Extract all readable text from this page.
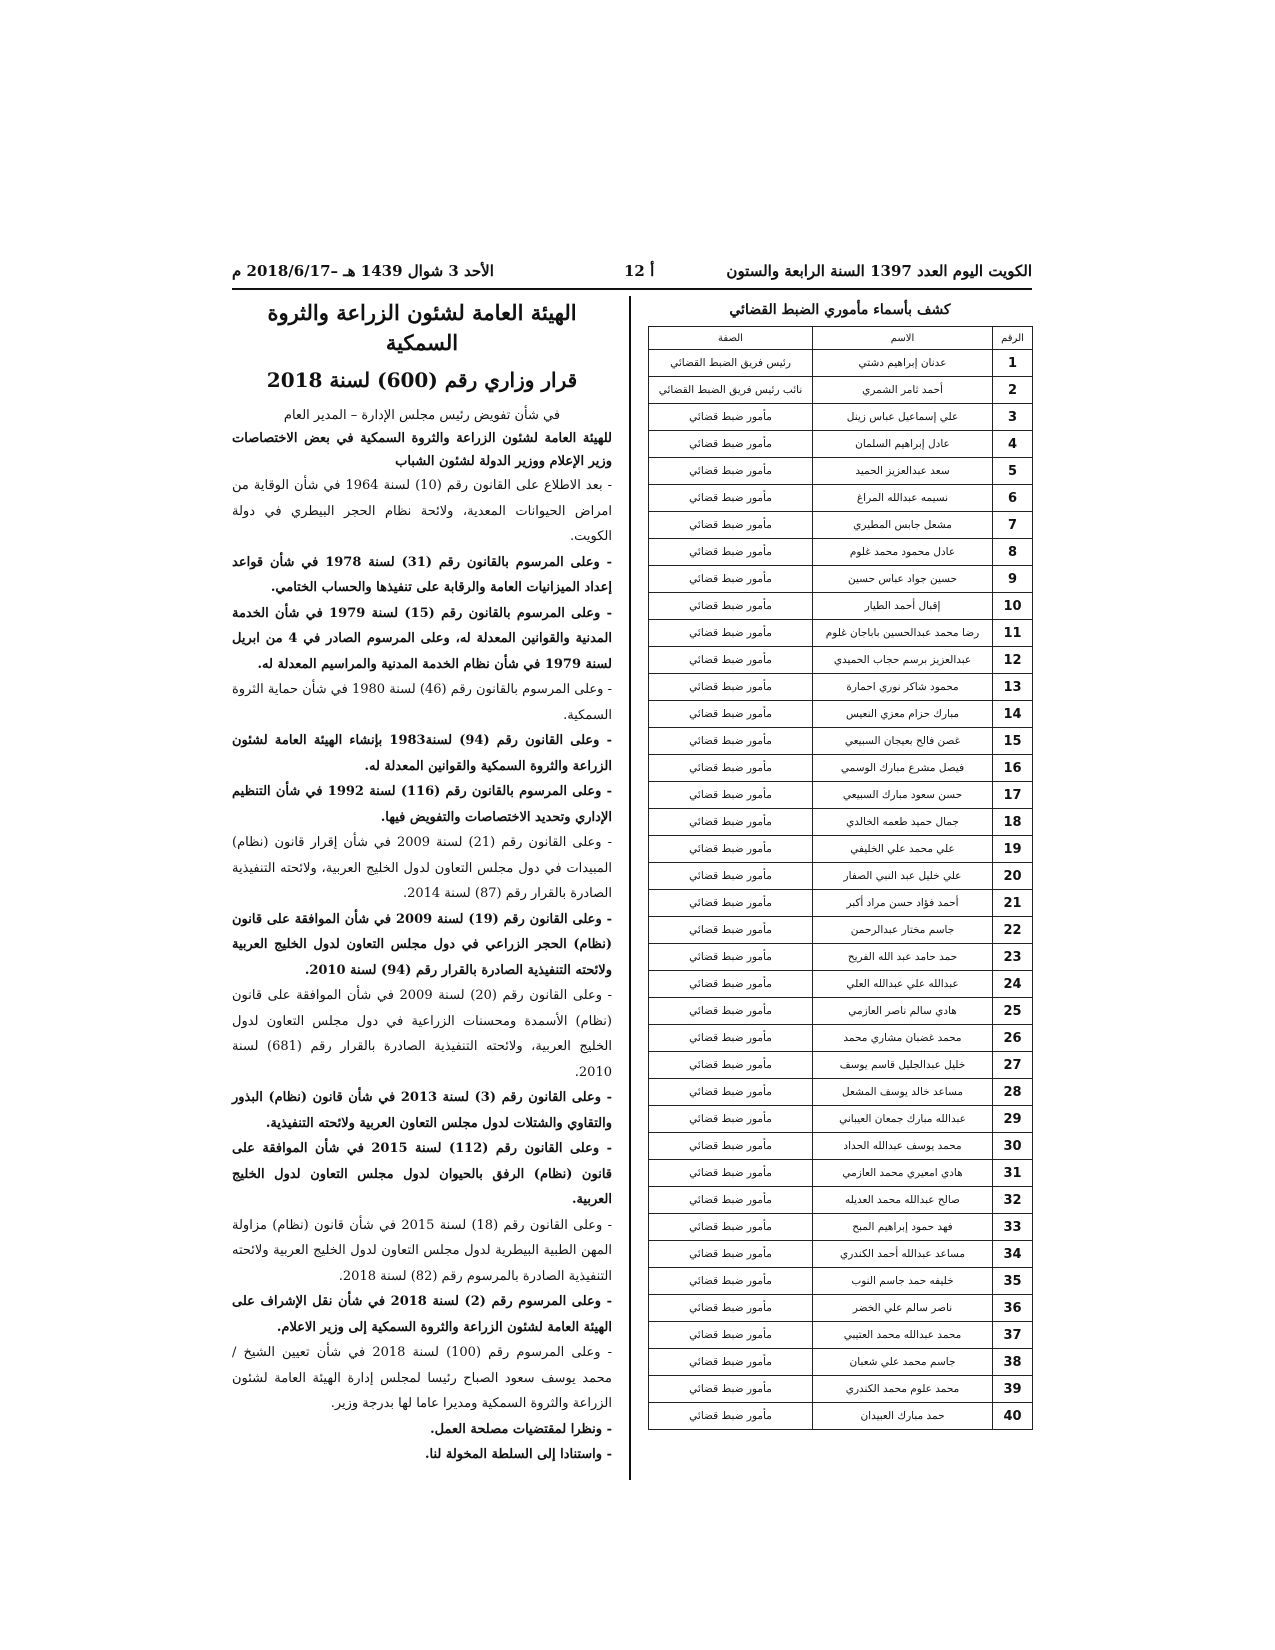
الكويت اليوم العدد 1397 السنة الرابعة والستون
أ 12
الأحد 3 شوال 1439 هـ –2018/6/17 م
كشف بأسماء مأموري الضبط القضائي
الرقم	الاسم	الصفة
1	عدنان إبراهيم دشتي	رئيس فريق الضبط القضائي
2	أحمد ثامر الشمري	نائب رئيس فريق الضبط القضائي
3	علي إسماعيل عباس زينل	مأمور ضبط قضائي
4	عادل إبراهيم السلمان	مأمور ضبط قضائي
5	سعد عبدالعزيز الحميد	مأمور ضبط قضائي
6	نسيمه عبدالله المراغ	مأمور ضبط قضائي
7	مشعل جابس المطيري	مأمور ضبط قضائي
8	عادل محمود محمد غلوم	مأمور ضبط قضائي
9	حسين جواد عباس حسين	مأمور ضبط قضائي
10	إقبال أحمد الطيار	مأمور ضبط قضائي
11	رضا محمد عبدالحسين باباجان غلوم	مأمور ضبط قضائي
12	عبدالعزيز برسم حجاب الحميدي	مأمور ضبط قضائي
13	محمود شاكر نوري احمارة	مأمور ضبط قضائي
14	مبارك حزام معزي النعيس	مأمور ضبط قضائي
15	غصن فالح بعيجان السبيعي	مأمور ضبط قضائي
16	فيصل مشرع مبارك الوسمي	مأمور ضبط قضائي
17	حسن سعود مبارك السبيعي	مأمور ضبط قضائي
18	جمال حميد طعمه الخالدي	مأمور ضبط قضائي
19	علي محمد علي الخليفي	مأمور ضبط قضائي
20	علي خليل عبد النبي الصفار	مأمور ضبط قضائي
21	أحمد فؤاد حسن مراد أكبر	مأمور ضبط قضائي
22	جاسم مختار عبدالرحمن	مأمور ضبط قضائي
23	حمد حامد عبد الله الفريح	مأمور ضبط قضائي
24	عبدالله علي عبدالله العلي	مأمور ضبط قضائي
25	هادي سالم ناصر العازمي	مأمور ضبط قضائي
26	محمد غضبان مشاري محمد	مأمور ضبط قضائي
27	خليل عبدالجليل قاسم يوسف	مأمور ضبط قضائي
28	مساعد خالد يوسف المشعل	مأمور ضبط قضائي
29	عبدالله مبارك جمعان العيباني	مأمور ضبط قضائي
30	محمد يوسف عبدالله الحداد	مأمور ضبط قضائي
31	هادي امعيري محمد العازمي	مأمور ضبط قضائي
32	صالح عبدالله محمد العديله	مأمور ضبط قضائي
33	فهد حمود إبراهيم المبح	مأمور ضبط قضائي
34	مساعد عبدالله أحمد الكندري	مأمور ضبط قضائي
35	خليفه حمد جاسم النوب	مأمور ضبط قضائي
36	ناصر سالم علي الخضر	مأمور ضبط قضائي
37	محمد عبدالله محمد العتيبي	مأمور ضبط قضائي
38	جاسم محمد علي شعبان	مأمور ضبط قضائي
39	محمد علوم محمد الكندري	مأمور ضبط قضائي
40	حمد مبارك العبيدان	مأمور ضبط قضائي
الهيئة العامة لشئون الزراعة والثروة السمكية
قرار وزاري رقم (600) لسنة 2018

في شأن تفويض رئيس مجلس الإدارة – المدير العام

للهيئة العامة لشئون الزراعة والثروة السمكية في بعض الاختصاصات وزير الإعلام ووزير الدولة لشئون الشباب

- بعد الاطلاع على القانون رقم (10) لسنة 1964 في شأن الوقاية من امراض الحيوانات المعدية، ولائحة نظام الحجر البيطري في دولة الكويت.
- وعلى المرسوم بالقانون رقم (31) لسنة 1978 في شأن قواعد إعداد الميزانيات العامة والرقابة على تنفيذها والحساب الختامي.
- وعلى المرسوم بالقانون رقم (15) لسنة 1979 في شأن الخدمة المدنية والقوانين المعدلة له، وعلى المرسوم الصادر في 4 من ابريل لسنة 1979 في شأن نظام الخدمة المدنية والمراسيم المعدلة له.
- وعلى المرسوم بالقانون رقم (46) لسنة 1980 في شأن حماية الثروة السمكية.
- وعلى القانون رقم (94) لسنة1983 بإنشاء الهيئة العامة لشئون الزراعة والثروة السمكية والقوانين المعدلة له.
- وعلى المرسوم بالقانون رقم (116) لسنة 1992 في شأن التنظيم الإداري وتحديد الاختصاصات والتفويض فيها.
- وعلى القانون رقم (21) لسنة 2009 في شأن إقرار قانون (نظام) المبيدات في دول مجلس التعاون لدول الخليج العربية، ولائحته التنفيذية الصادرة بالقرار رقم (87) لسنة 2014.
- وعلى القانون رقم (19) لسنة 2009 في شأن الموافقة على قانون (نظام) الحجر الزراعي في دول مجلس التعاون لدول الخليج العربية ولائحته التنفيذية الصادرة بالقرار رقم (94) لسنة 2010.
- وعلى القانون رقم (20) لسنة 2009 في شأن الموافقة على قانون (نظام) الأسمدة ومحسنات الزراعية في دول مجلس التعاون لدول الخليج العربية، ولائحته التنفيذية الصادرة بالقرار رقم (681) لسنة 2010.
- وعلى القانون رقم (3) لسنة 2013 في شأن قانون (نظام) البذور والتقاوي والشتلات لدول مجلس التعاون العربية ولائحته التنفيذية.
- وعلى القانون رقم (112) لسنة 2015 في شأن الموافقة على قانون (نظام) الرفق بالحيوان لدول مجلس التعاون لدول الخليج العربية.
- وعلى القانون رقم (18) لسنة 2015 في شأن قانون (نظام) مزاولة المهن الطبية البيطرية لدول مجلس التعاون لدول الخليج العربية ولائحته التنفيذية الصادرة بالمرسوم رقم (82) لسنة 2018.
- وعلى المرسوم رقم (2) لسنة 2018 في شأن نقل الإشراف على الهيئة العامة لشئون الزراعة والثروة السمكية إلى وزير الاعلام.
- وعلى المرسوم رقم (100) لسنة 2018 في شأن تعيين الشيخ / محمد يوسف سعود الصباح رئيسا لمجلس إدارة الهيئة العامة لشئون الزراعة والثروة السمكية ومديرا عاما لها بدرجة وزير.
- ونظرا لمقتضيات مصلحة العمل.
- واستنادا إلى السلطة المخولة لنا.
